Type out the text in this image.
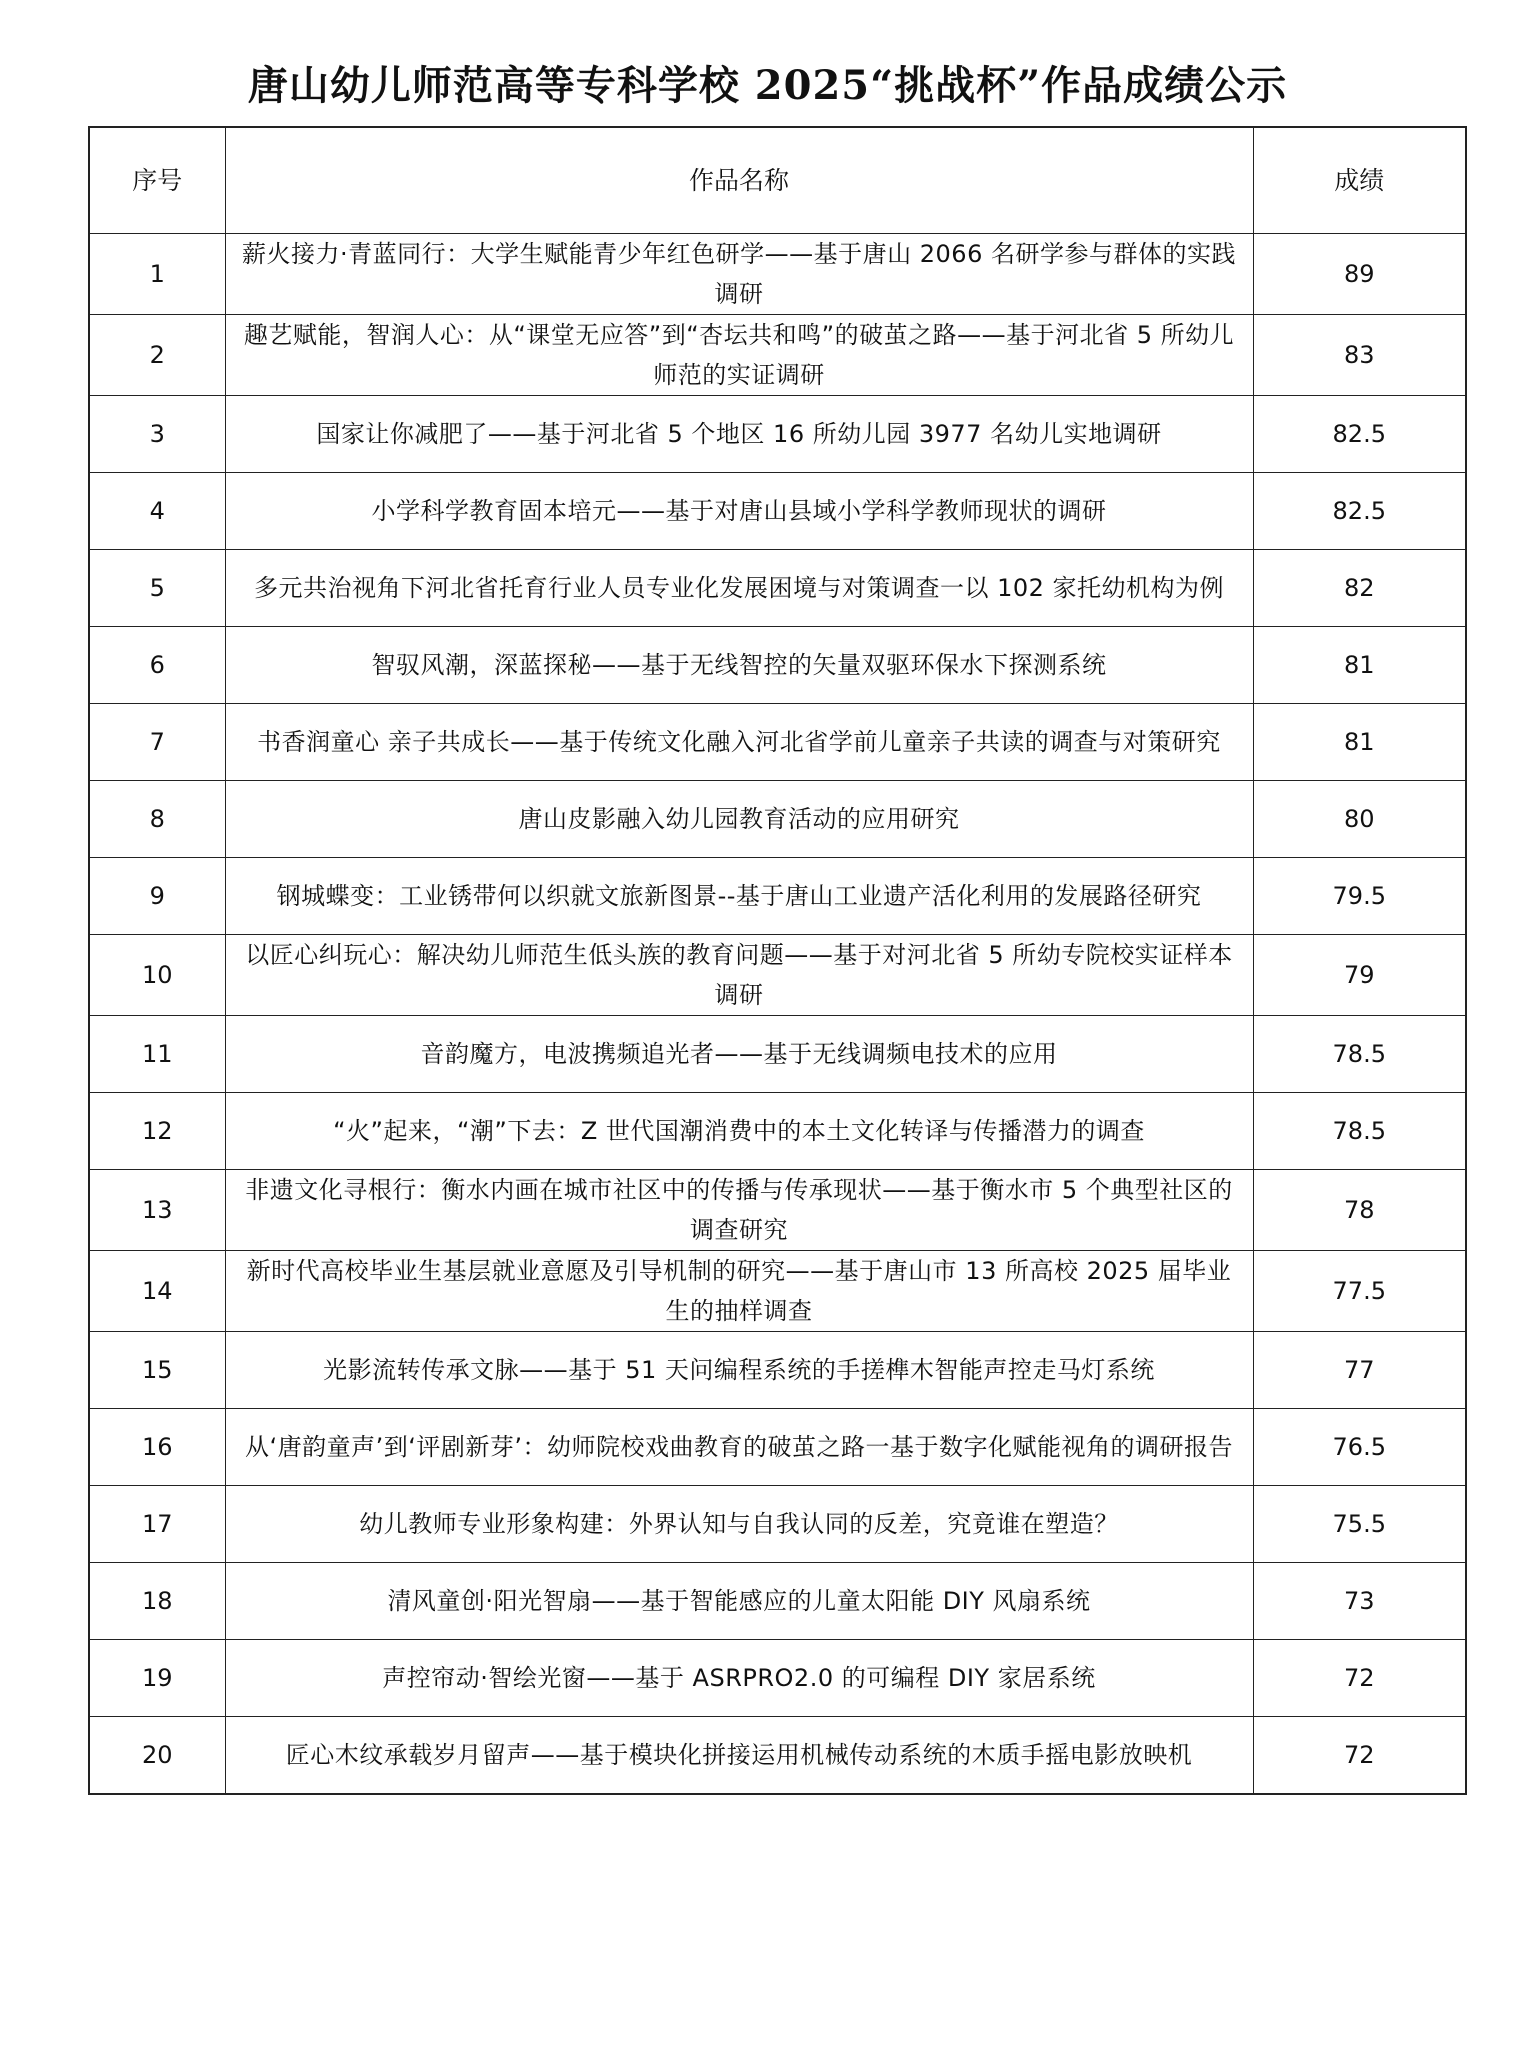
唐山幼儿师范高等专科学校 2025“挑战杯”作品成绩公示
序号	作品名称	成绩
1	薪火接力·青蓝同行：大学生赋能青少年红色研学——基于唐山 2066 名研学参与群体的实践调研	89
2	趣艺赋能，智润人心：从“课堂无应答”到“杏坛共和鸣”的破茧之路——基于河北省 5 所幼儿师范的实证调研	83
3	国家让你减肥了——基于河北省 5 个地区 16 所幼儿园 3977 名幼儿实地调研	82.5
4	小学科学教育固本培元——基于对唐山县域小学科学教师现状的调研	82.5
5	多元共治视角下河北省托育行业人员专业化发展困境与对策调查一以 102 家托幼机构为例	82
6	智驭风潮，深蓝探秘——基于无线智控的矢量双驱环保水下探测系统	81
7	书香润童心 亲子共成长——基于传统文化融入河北省学前儿童亲子共读的调查与对策研究	81
8	唐山皮影融入幼儿园教育活动的应用研究	80
9	钢城蝶变：工业锈带何以织就文旅新图景--基于唐山工业遗产活化利用的发展路径研究	79.5
10	以匠心纠玩心：解决幼儿师范生低头族的教育问题——基于对河北省 5 所幼专院校实证样本调研	79
11	音韵魔方，电波携频追光者——基于无线调频电技术的应用	78.5
12	“火”起来，“潮”下去：Z 世代国潮消费中的本土文化转译与传播潜力的调查	78.5
13	非遗文化寻根行：衡水内画在城市社区中的传播与传承现状——基于衡水市 5 个典型社区的调查研究	78
14	新时代高校毕业生基层就业意愿及引导机制的研究——基于唐山市 13 所高校 2025 届毕业生的抽样调查	77.5
15	光影流转传承文脉——基于 51 天问编程系统的手搓榫木智能声控走马灯系统	77
16	从‘唐韵童声’到‘评剧新芽’：幼师院校戏曲教育的破茧之路一基于数字化赋能视角的调研报告	76.5
17	幼儿教师专业形象构建：外界认知与自我认同的反差，究竟谁在塑造？	75.5
18	清风童创·阳光智扇——基于智能感应的儿童太阳能 DIY 风扇系统	73
19	声控帘动·智绘光窗——基于 ASRPRO2.0 的可编程 DIY 家居系统	72
20	匠心木纹承载岁月留声——基于模块化拼接运用机械传动系统的木质手摇电影放映机	72
